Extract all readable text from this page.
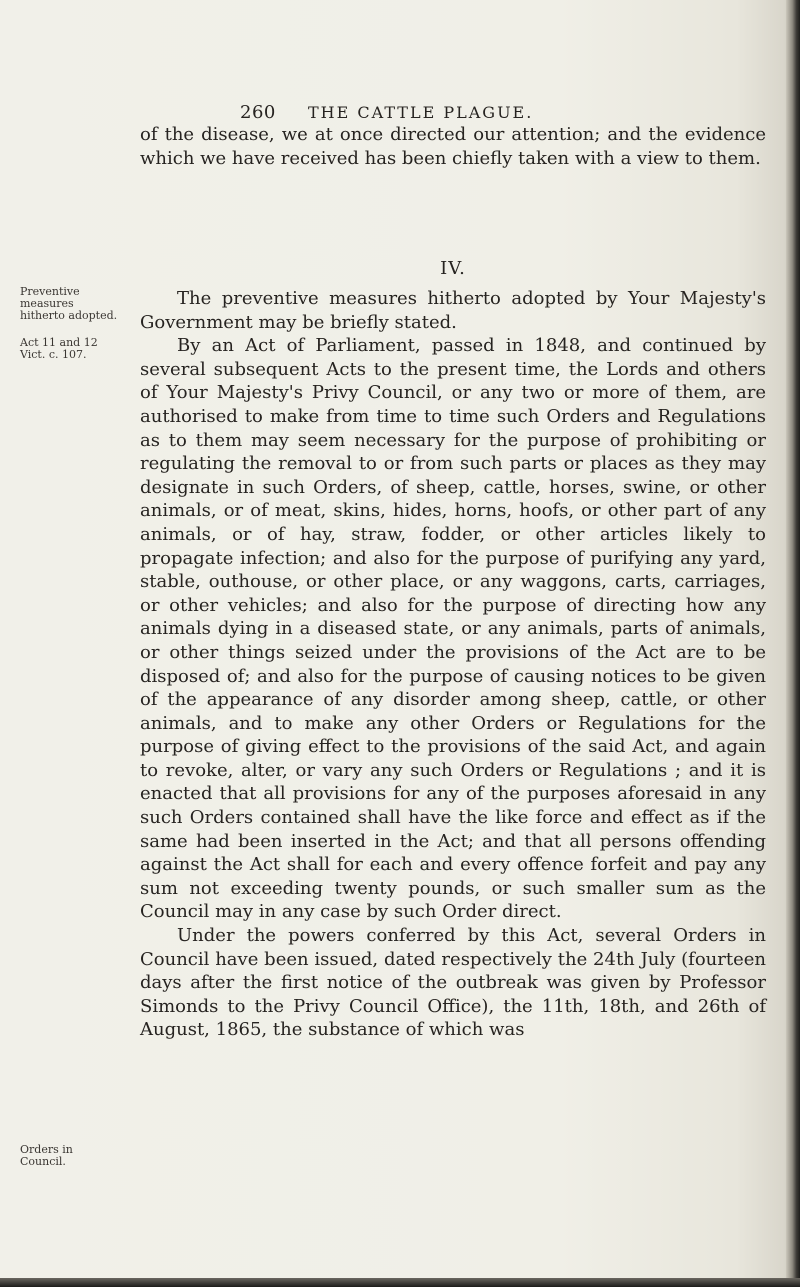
260 THE CATTLE PLAGUE.

of the disease, we at once directed our attention; and the evidence which we have received has been chiefly taken with a view to them.

IV.

The preventive measures hitherto adopted by Your Majesty's Government may be briefly stated.

By an Act of Parliament, passed in 1848, and continued by several subsequent Acts to the present time, the Lords and others of Your Majesty's Privy Council, or any two or more of them, are authorised to make from time to time such Orders and Regulations as to them may seem necessary for the purpose of prohibiting or regulating the removal to or from such parts or places as they may designate in such Orders, of sheep, cattle, horses, swine, or other animals, or of meat, skins, hides, horns, hoofs, or other part of any animals, or of hay, straw, fodder, or other articles likely to propagate infection; and also for the purpose of purifying any yard, stable, outhouse, or other place, or any waggons, carts, carriages, or other vehicles; and also for the purpose of directing how any animals dying in a diseased state, or any animals, parts of animals, or other things seized under the provisions of the Act are to be disposed of; and also for the purpose of causing notices to be given of the appearance of any disorder among sheep, cattle, or other animals, and to make any other Orders or Regulations for the purpose of giving effect to the provisions of the said Act, and again to revoke, alter, or vary any such Orders or Regulations ; and it is enacted that all provisions for any of the purposes aforesaid in any such Orders contained shall have the like force and effect as if the same had been inserted in the Act; and that all persons offending against the Act shall for each and every offence forfeit and pay any sum not exceeding twenty pounds, or such smaller sum as the Council may in any case by such Order direct.

Under the powers conferred by this Act, several Orders in Council have been issued, dated respectively the 24th July (fourteen days after the first notice of the outbreak was given by Professor Simonds to the Privy Council Office), the 11th, 18th, and 26th of August, 1865, the substance of which was

Preventive measures hitherto adopted.
Act 11 and 12 Vict. c. 107.
Orders in Council.
